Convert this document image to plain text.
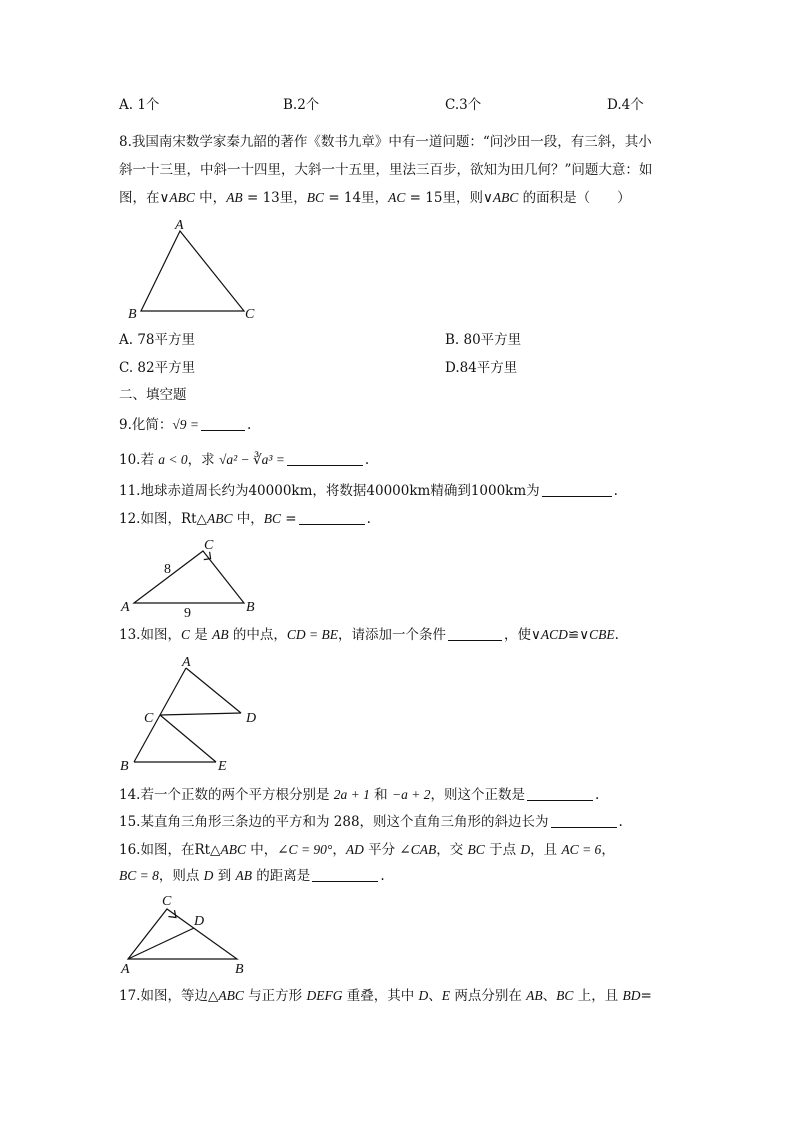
A. 1个	B.2个	C.3个	D.4个
8.我国南宋数学家秦九韶的著作《数书九章》中有一道问题：“问沙田一段，有三斜，其小
斜一十三里，中斜一十四里，大斜一十五里，里法三百步，欲知为田几何？”问题大意：如
图，在∨ABC 中，AB = 13里，BC = 14里，AC = 15里，则∨ABC 的面积是（　　）
A
B	C
A. 78平方里	B. 80平方里
C. 82平方里	D.84平方里
二、填空题
9.化简：√9 =	.
10.若 a < 0，求 √a² − ∛a³ =	.
11.地球赤道周长约为40000km，将数据40000km精确到1000km为	.
12.如图，Rt△ABC 中，BC =	.
C
A	B
8
9
13.如图，C 是 AB 的中点，CD = BE，请添加一个条件	，使∨ACD≌∨CBE.
A
C	D
B	E
14.若一个正数的两个平方根分别是 2a + 1 和 −a + 2，则这个正数是	.
15.某直角三角形三条边的平方和为 288，则这个直角三角形的斜边长为	.
16.如图，在Rt△ABC 中，∠C = 90°，AD 平分 ∠CAB，交 BC 于点 D，且 AC = 6，
BC = 8，则点 D 到 AB 的距离是	.
C
D
A	B
17.如图，等边△ABC 与正方形 DEFG 重叠，其中 D、E 两点分别在 AB、BC 上，且 BD=
